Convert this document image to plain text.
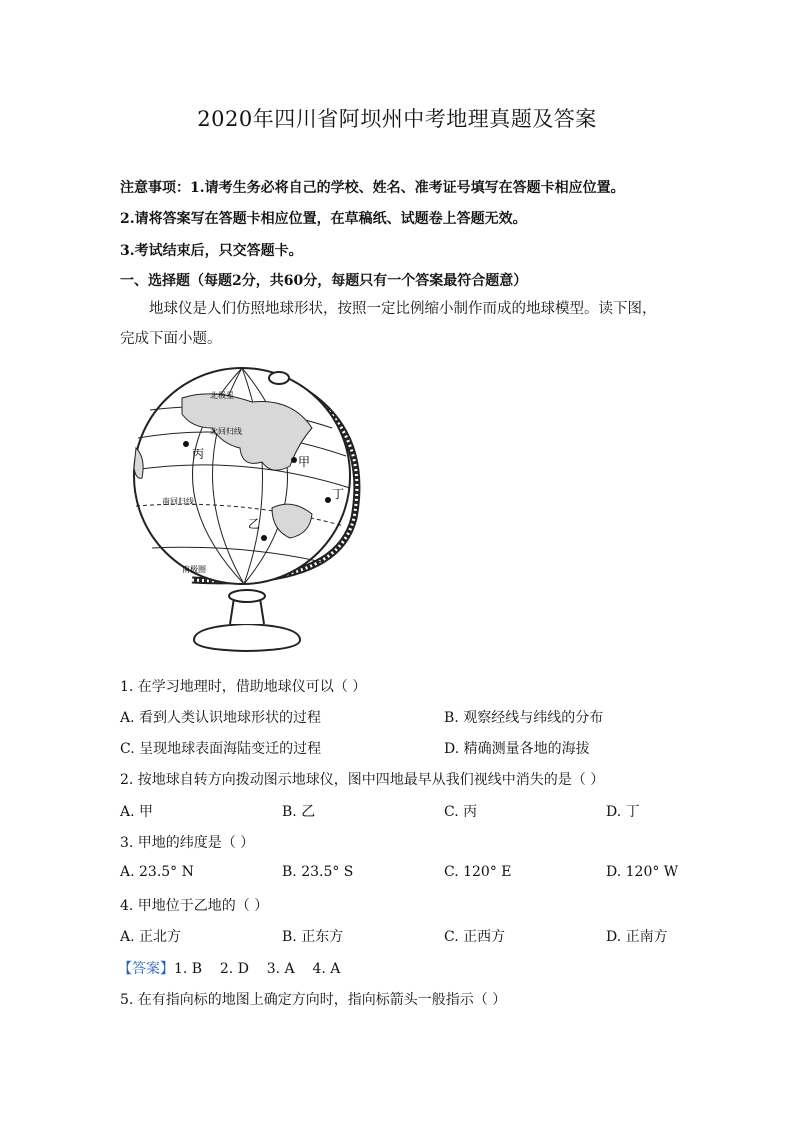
2020年四川省阿坝州中考地理真题及答案
注意事项：1.请考生务必将自己的学校、姓名、准考证号填写在答题卡相应位置。
2.请将答案写在答题卡相应位置，在草稿纸、试题卷上答题无效。
3.考试结束后，只交答题卡。
一、选择题（每题2分，共60分，每题只有一个答案最符合题意）
地球仪是人们仿照地球形状，按照一定比例缩小制作而成的地球模型。读下图，完成下面小题。
北极星
北回归线
南回归线
南极圈
丙
甲
乙
丁
1. 在学习地理时，借助地球仪可以（ ）
A. 看到人类认识地球形状的过程	B. 观察经线与纬线的分布
C. 呈现地球表面海陆变迁的过程	D. 精确测量各地的海拔
2. 按地球自转方向拨动图示地球仪，图中四地最早从我们视线中消失的是（ ）
A. 甲	B. 乙	C. 丙	D. 丁
3. 甲地的纬度是（ ）
A. 23.5° N	B. 23.5° S	C. 120° E	D. 120° W
4. 甲地位于乙地的（ ）
A. 正北方	B. 正东方	C. 正西方	D. 正南方
【答案】1. B    2. D    3. A    4. A
5. 在有指向标的地图上确定方向时，指向标箭头一般指示（ ）
